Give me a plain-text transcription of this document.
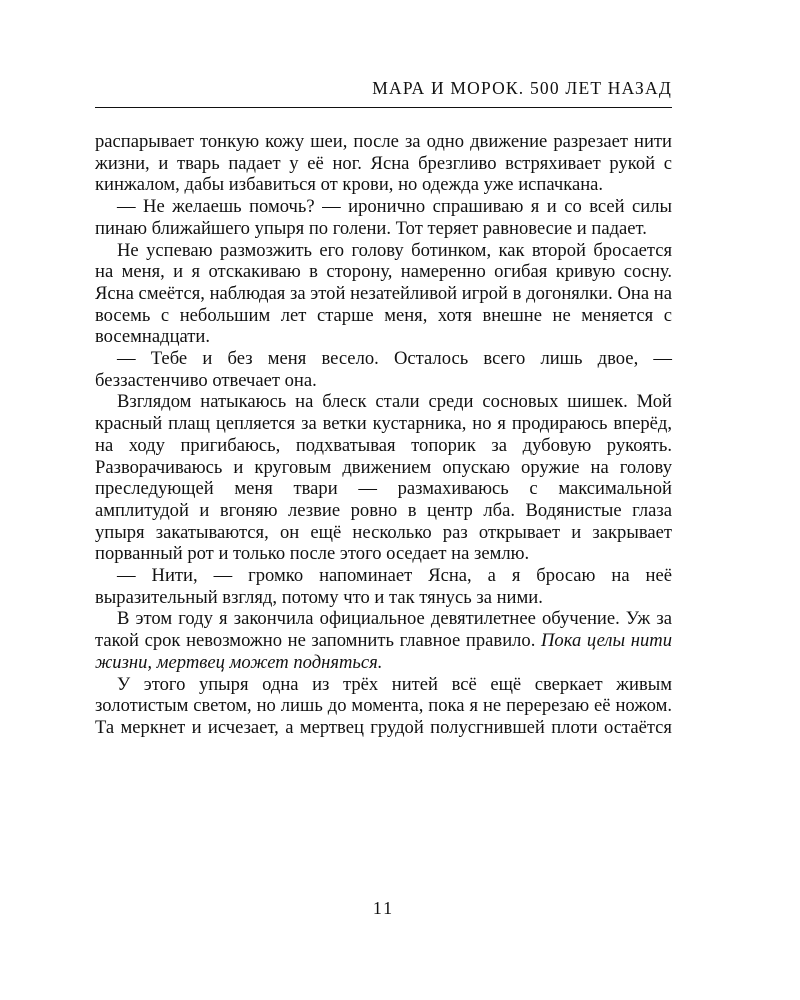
МАРА И МОРОК. 500 ЛЕТ НАЗАД

распарывает тонкую кожу шеи, после за одно движение разрезает нити жизни, и тварь падает у её ног. Ясна брезгливо встряхивает рукой с кинжалом, дабы избавиться от крови, но одежда уже испачкана.

— Не желаешь помочь? — иронично спрашиваю я и со всей силы пинаю ближайшего упыря по голени. Тот теряет равновесие и падает.

Не успеваю размозжить его голову ботинком, как второй бросается на меня, и я отскакиваю в сторону, намеренно огибая кривую сосну. Ясна смеётся, наблюдая за этой незатейливой игрой в догонялки. Она на восемь с небольшим лет старше меня, хотя внешне не меняется с восемнадцати.

— Тебе и без меня весело. Осталось всего лишь двое, — беззастенчиво отвечает она.

Взглядом натыкаюсь на блеск стали среди сосновых шишек. Мой красный плащ цепляется за ветки кустарника, но я продираюсь вперёд, на ходу пригибаюсь, подхватывая топорик за дубовую рукоять. Разворачиваюсь и круговым движением опускаю оружие на голову преследующей меня твари — размахиваюсь с максимальной амплитудой и вгоняю лезвие ровно в центр лба. Водянистые глаза упыря закатываются, он ещё несколько раз открывает и закрывает порванный рот и только после этого оседает на землю.

— Нити, — громко напоминает Ясна, а я бросаю на неё выразительный взгляд, потому что и так тянусь за ними.

В этом году я закончила официальное девятилетнее обучение. Уж за такой срок невозможно не запомнить главное правило. Пока целы нити жизни, мертвец может подняться.

У этого упыря одна из трёх нитей всё ещё сверкает живым золотистым светом, но лишь до момента, пока я не перерезаю её ножом. Та меркнет и исчезает, а мертвец грудой полусгнившей плоти остаётся

11
